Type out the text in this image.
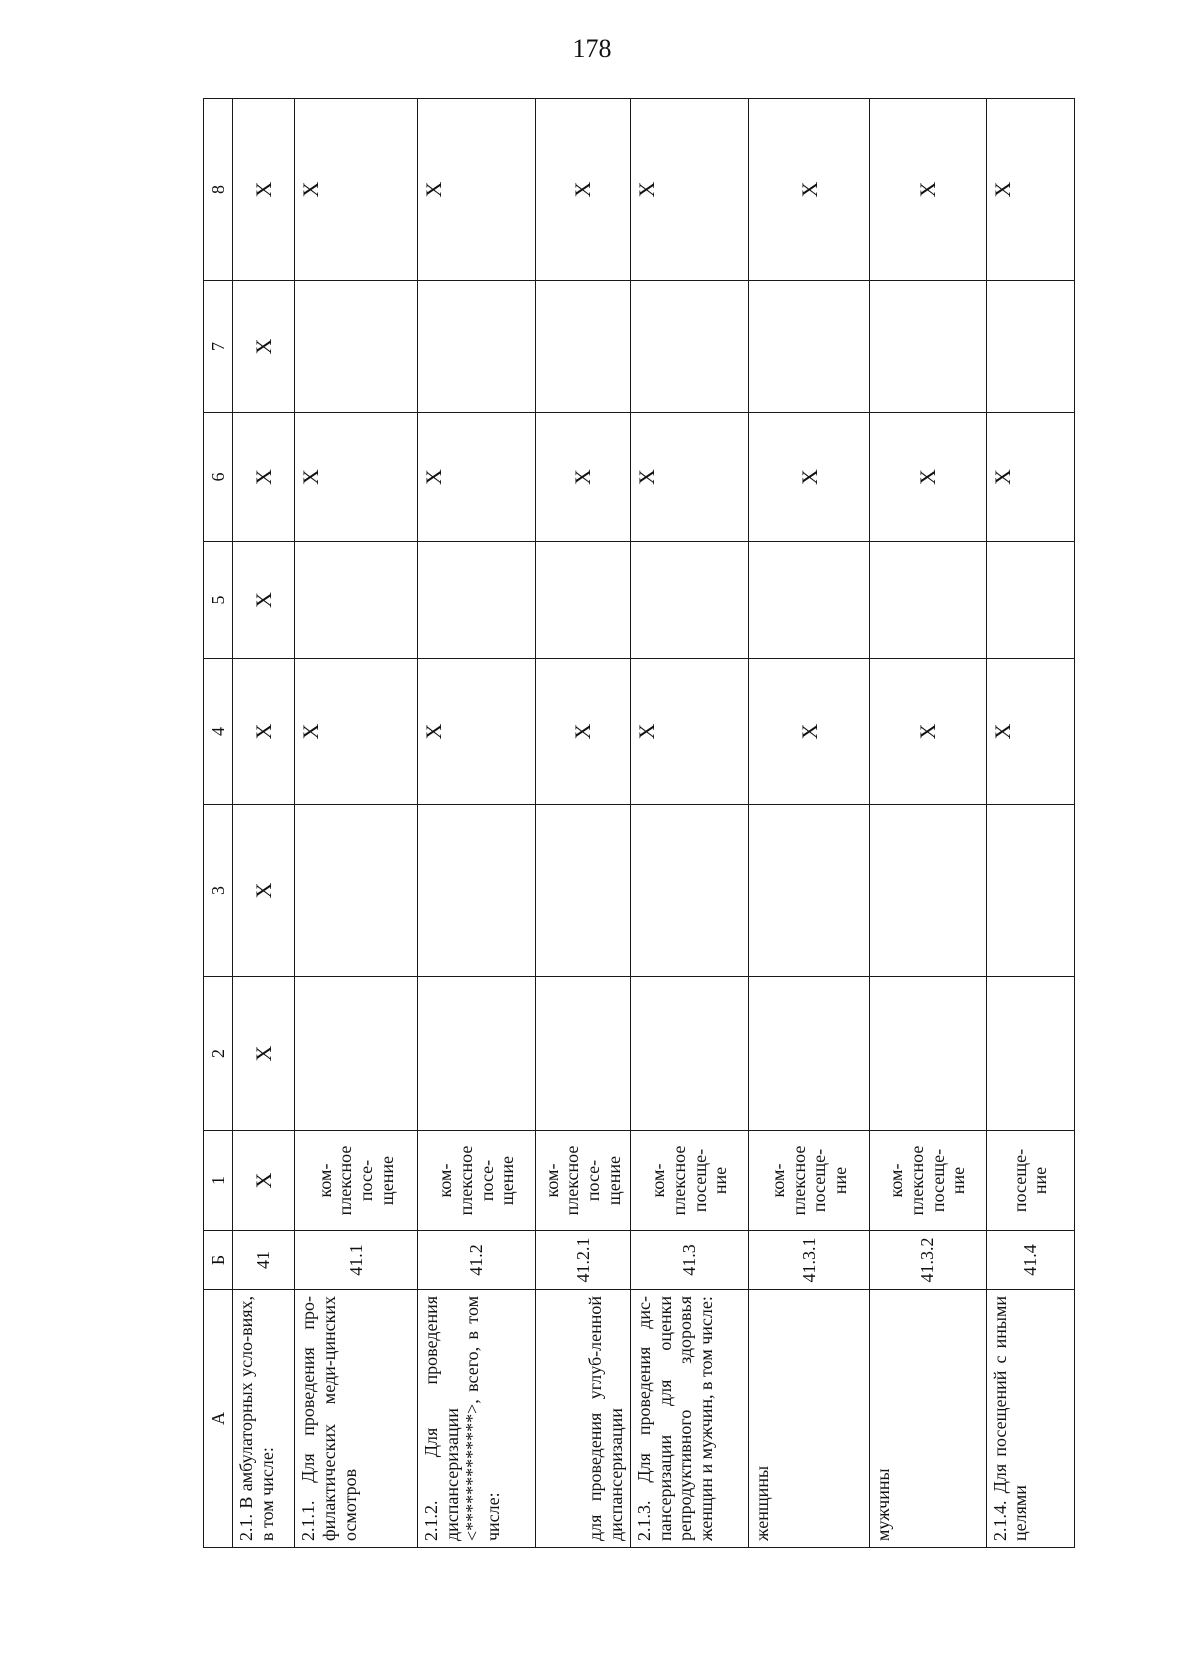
178
А	Б	1	2	3	4	5	6	7	8
2.1. В амбулаторных усло-виях, в том числе:	41	Х	Х	Х	Х	Х	Х	Х	Х
2.1.1. Для проведения про-филактических меди-цинских осмотров	41.1	ком-плексное посе-щение			Х		Х		Х
2.1.2. Для проведения диспансеризации <*************>, всего, в том числе:	41.2	ком-плексное посе-щение			Х		Х		Х
для проведения углуб-ленной диспансеризации	41.2.1	ком-плексное посе-щение			Х		Х		Х
2.1.3. Для проведения дис-пансеризации для оценки репродуктивного здоровья женщин и мужчин, в том числе:	41.3	ком-плексное посеще-ние			Х		Х		Х
женщины	41.3.1	ком-плексное посеще-ние			Х		Х		Х
мужчины	41.3.2	ком-плексное посеще-ние			Х		Х		Х
2.1.4. Для посещений с иными целями	41.4	посеще-ние			Х		Х		Х
